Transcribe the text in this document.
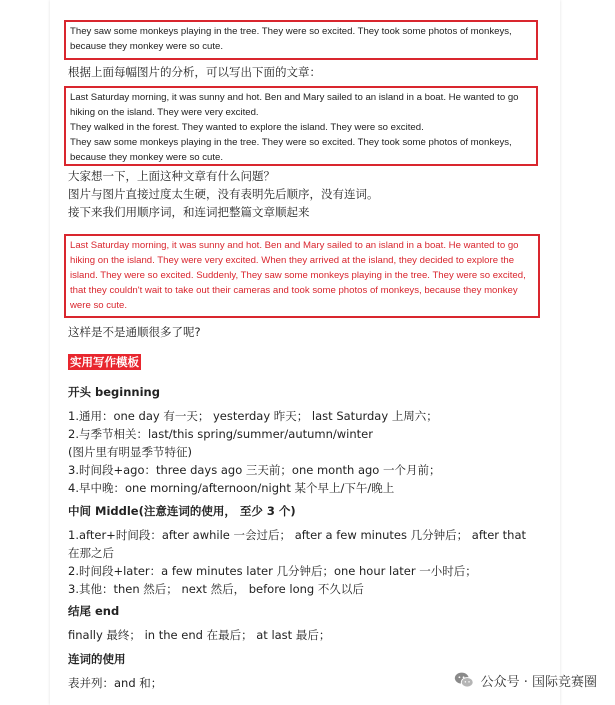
They saw some monkeys playing in the tree. They were so excited. They took some photos of monkeys,

because they monkey were so cute.

根据上面每幅图片的分析，可以写出下面的文章：

Last Saturday morning, it was sunny and hot. Ben and Mary sailed to an island in a boat. He wanted to go

hiking on the island. They were very excited.

They walked in the forest. They wanted to explore the island. They were so excited.

They saw some monkeys playing in the tree. They were so excited. They took some photos of monkeys,

because they monkey were so cute.

大家想一下，上面这种文章有什么问题？
图片与图片直接过度太生硬，没有表明先后顺序，没有连词。
接下来我们用顺序词，和连词把整篇文章顺起来

Last Saturday morning, it was sunny and hot. Ben and Mary sailed to an island in a boat. He wanted to go

hiking on the island. They were very excited. When they arrived at the island, they decided to explore the

island. They were so excited. Suddenly, They saw some monkeys playing in the tree. They were so excited,

that they couldn't wait to take out their cameras and took some photos of monkeys, because they monkey

were so cute.

这样是不是通顺很多了呢?
实用写作模板
开头 beginning
1.通用：one day 有一天； yesterday 昨天； last Saturday 上周六；
2.与季节相关：last/this spring/summer/autumn/winter
(图片里有明显季节特征)
3.时间段+ago：three days ago 三天前；one month ago 一个月前；
4.早中晚：one morning/afternoon/night 某个早上/下午/晚上
中间 Middle(注意连词的使用， 至少 3 个)
1.after+时间段：after awhile 一会过后； after a few minutes 几分钟后； after that
在那之后
2.时间段+later：a few minutes later 几分钟后；one hour later 一小时后；
3.其他：then 然后； next 然后， before long 不久以后
结尾 end
finally 最终； in the end 在最后； at last 最后；
连词的使用
表并列：and 和；	公众号 · 国际竞赛圈
